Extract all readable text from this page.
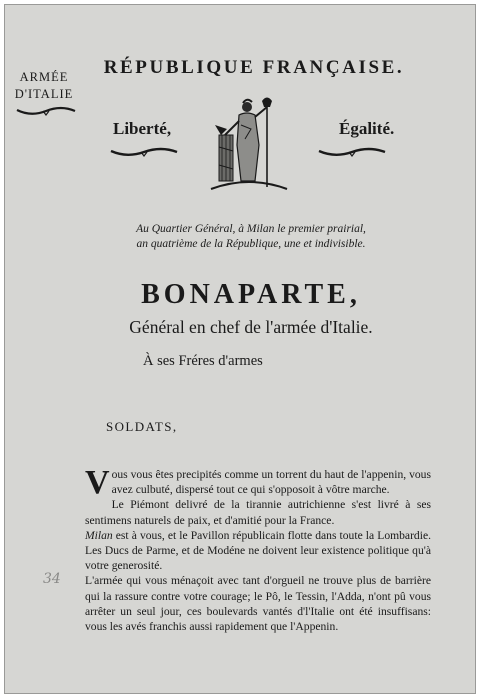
ARMÉE
D'ITALIE
RÉPUBLIQUE FRANÇAISE.
Liberté,	Égalité.
Au Quartier Général, à Milan le premier prairial,
an quatrième de la République, une et indivisible.
BONAPARTE,
Général en chef de l'armée d'Italie.
À ses Fréres d'armes
SOLDATS,

Vous vous êtes precipités comme un torrent du haut de l'appenin, vous avez culbuté, dispersé tout ce qui s'opposoit à vôtre marche.

Le Piémont delivré de la tirannie autrichienne s'est livré à ses sentimens naturels de paix, et d'amitié pour la France.

Milan est à vous, et le Pavillon républicain flotte dans toute la Lombardie. Les Ducs de Parme, et de Modéne ne doivent leur existence politique qu'à votre generosité.

L'armée qui vous ménaçoit avec tant d'orgueil ne trouve plus de barrière qui la rassure contre votre courage; le Pô, le Tessin, l'Adda, n'ont pû vous arrêter un seul jour, ces boulevards vantés d'l'Italie ont été insuffisans: vous les avés franchis aussi rapidement que l'Appenin.

34
